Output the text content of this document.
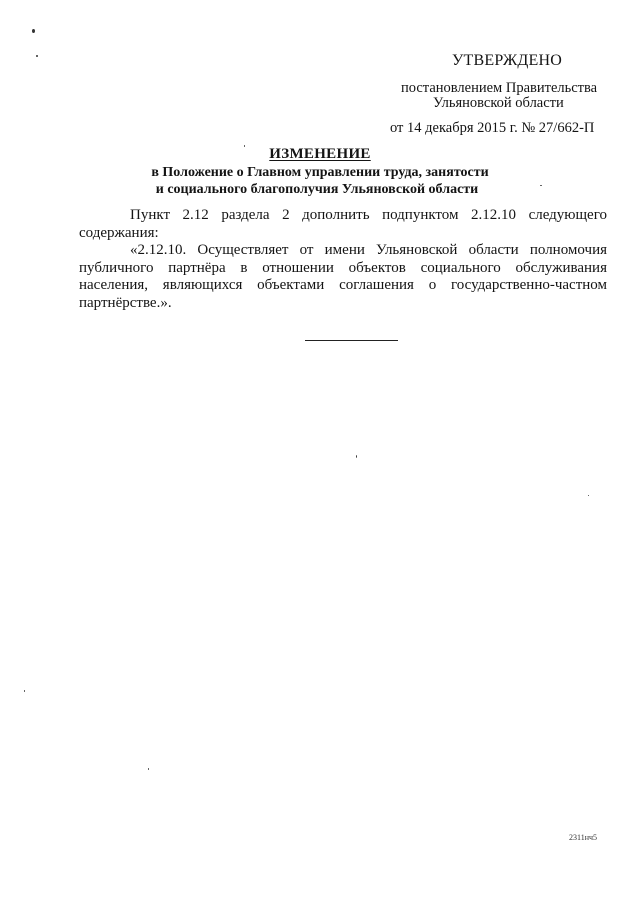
УТВЕРЖДЕНО
постановлением Правительства
Ульяновской области
от 14 декабря 2015 г. № 27/662-П
ИЗМЕНЕНИЕ
в Положение о Главном управлении труда, занятости
и социального благополучия Ульяновской области
Пункт 2.12 раздела 2 дополнить подпунктом 2.12.10 следующего содержания:
«2.12.10. Осуществляет от имени Ульяновской области полномочия публичного партнёра в отношении объектов социального обслуживания населения, являющихся объектами соглашения о государственно-частном партнёрстве.».
2311нч5
